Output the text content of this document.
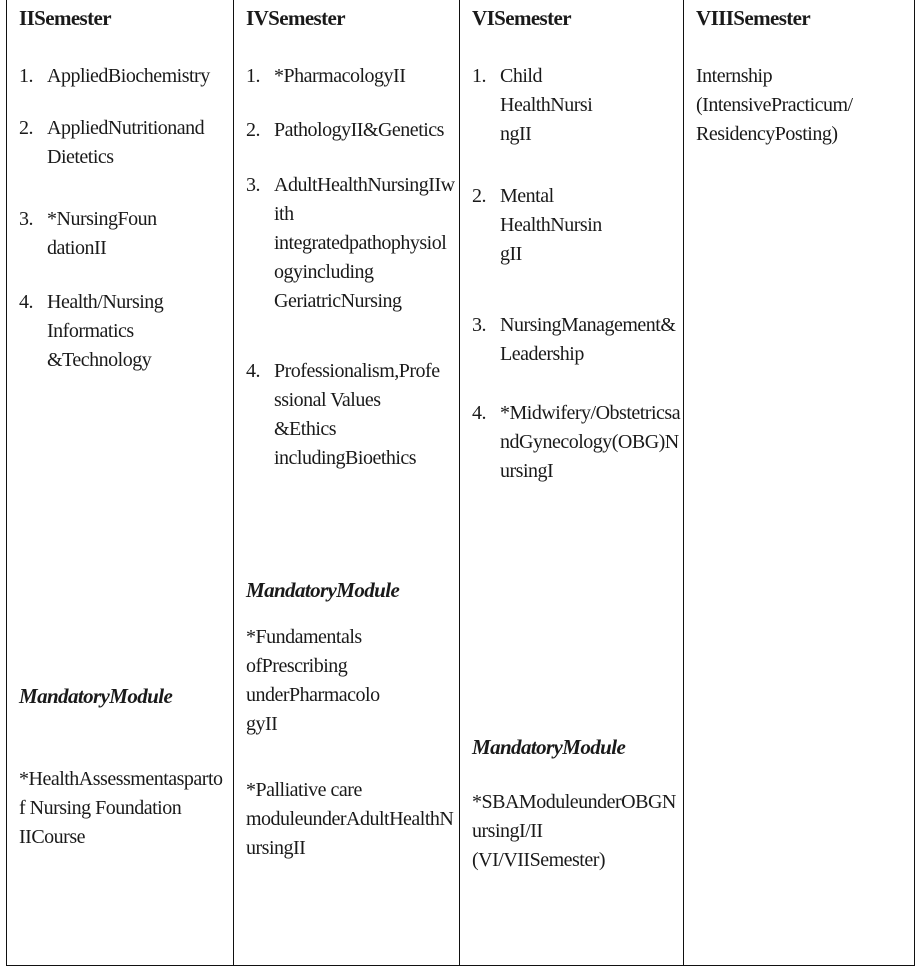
IISemester
1. AppliedBiochemistry
2. AppliedNutritionand
Dietetics
3. *NursingFoun
dationII
4. Health/Nursing
Informatics
&Technology
MandatoryModule
*HealthAssessmentasparto
f Nursing Foundation
IICourse
IVSemester
1. *PharmacologyII
2. PathologyII&Genetics
3. AdultHealthNursingIIw
ith
integratedpathophysiol
ogyincluding
GeriatricNursing
4. Professionalism,Profe
ssional Values
&Ethics
includingBioethics
MandatoryModule
*Fundamentals
ofPrescribing
underPharmacolo
gyII
*Palliative care
moduleunderAdultHealthN
ursingII
VISemester
1. Child
HealthNursi
ngII
2. Mental
HealthNursin
gII
3. NursingManagement&
Leadership
4. *Midwifery/Obstetricsa
ndGynecology(OBG)N
ursingI
MandatoryModule
*SBAModuleunderOBGN
ursingI/II
(VI/VIISemester)
VIIISemester
Internship
(IntensivePracticum/
ResidencyPosting)
